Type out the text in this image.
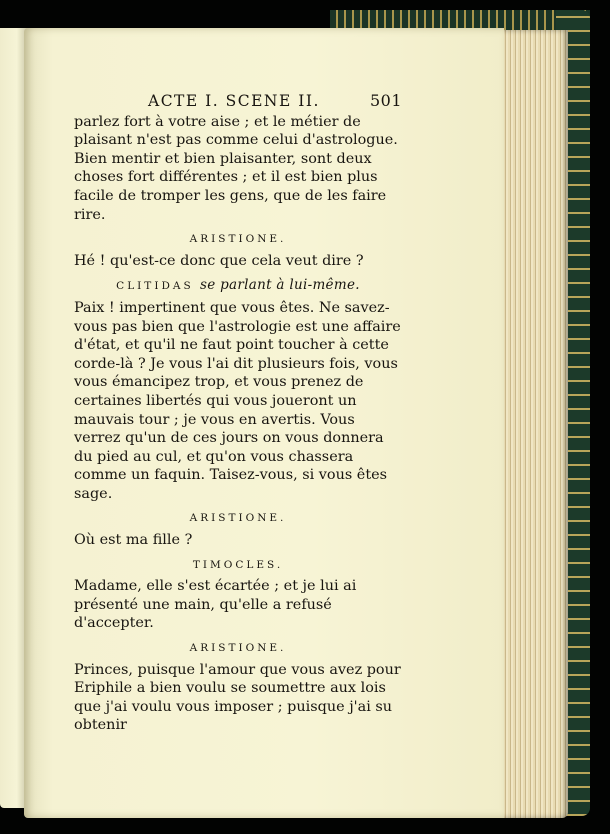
ACTE I. SCENE II.	501

parlez fort à votre aise ; et le métier de plaisant n'est pas comme celui d'astrologue. Bien mentir et bien plaisanter, sont deux choses fort différentes ; et il est bien plus facile de tromper les gens, que de les faire rire.

ARISTIONE.

Hé ! qu'est-ce donc que cela veut dire ?

CLITIDAS se parlant à lui-même.

Paix ! impertinent que vous êtes. Ne savez-vous pas bien que l'astrologie est une affaire d'état, et qu'il ne faut point toucher à cette corde-là ? Je vous l'ai dit plusieurs fois, vous vous émancipez trop, et vous prenez de certaines libertés qui vous joueront un mauvais tour ; je vous en avertis. Vous verrez qu'un de ces jours on vous donnera du pied au cul, et qu'on vous chassera comme un faquin. Taisez-vous, si vous êtes sage.

ARISTIONE.

Où est ma fille ?

TIMOCLES.

Madame, elle s'est écartée ; et je lui ai présenté une main, qu'elle a refusé d'accepter.

ARISTIONE.

Princes, puisque l'amour que vous avez pour Eriphile a bien voulu se soumettre aux lois que j'ai voulu vous imposer ; puisque j'ai su obtenir
